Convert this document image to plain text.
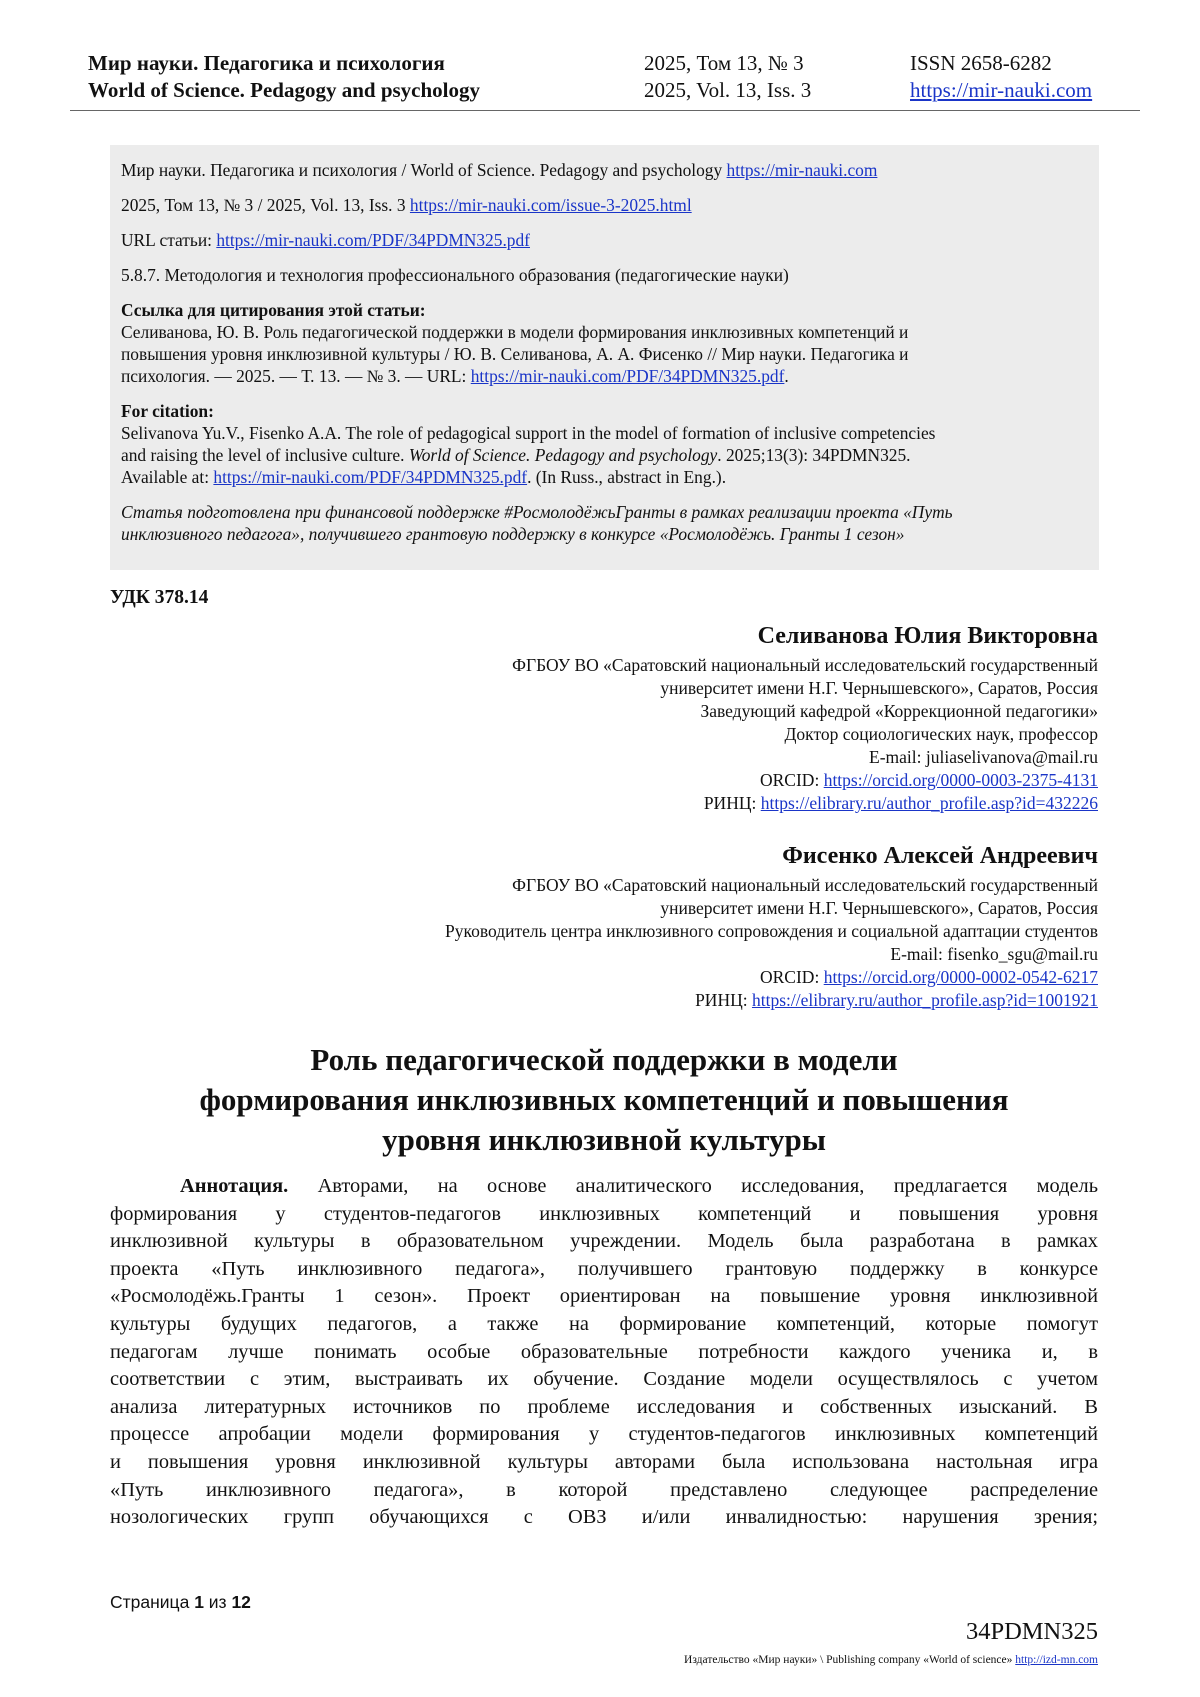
Мир науки. Педагогика и психология	2025, Том 13, № 3	ISSN 2658-6282
World of Science. Pedagogy and psychology	2025, Vol. 13, Iss. 3	https://mir-nauki.com

Мир науки. Педагогика и психология / World of Science. Pedagogy and psychology https://mir-nauki.com

2025, Том 13, № 3 / 2025, Vol. 13, Iss. 3 https://mir-nauki.com/issue-3-2025.html

URL статьи: https://mir-nauki.com/PDF/34PDMN325.pdf

5.8.7. Методология и технология профессионального образования (педагогические науки)

Ссылка для цитирования этой статьи:

Селиванова, Ю. В. Роль педагогической поддержки в модели формирования инклюзивных компетенций и

повышения уровня инклюзивной культуры / Ю. В. Селиванова, А. А. Фисенко // Мир науки. Педагогика и

психология. — 2025. — Т. 13. — № 3. — URL: https://mir-nauki.com/PDF/34PDMN325.pdf.

For citation:

Selivanova Yu.V., Fisenko A.A. The role of pedagogical support in the model of formation of inclusive competencies

and raising the level of inclusive culture. World of Science. Pedagogy and psychology. 2025;13(3): 34PDMN325.

Available at: https://mir-nauki.com/PDF/34PDMN325.pdf. (In Russ., abstract in Eng.).

Статья подготовлена при финансовой поддержке #РосмолодёжьГранты в рамках реализации проекта «Путь

инклюзивного педагога», получившего грантовую поддержку в конкурсе «Росмолодёжь. Гранты 1 сезон»

УДК 378.14
Селиванова Юлия Викторовна
ФГБОУ ВО «Саратовский национальный исследовательский государственный
университет имени Н.Г. Чернышевского», Саратов, Россия
Заведующий кафедрой «Коррекционной педагогики»
Доктор социологических наук, профессор
E-mail: juliaselivanova@mail.ru
ORCID: https://orcid.org/0000-0003-2375-4131
РИНЦ: https://elibrary.ru/author_profile.asp?id=432226
Фисенко Алексей Андреевич
ФГБОУ ВО «Саратовский национальный исследовательский государственный
университет имени Н.Г. Чернышевского», Саратов, Россия
Руководитель центра инклюзивного сопровождения и социальной адаптации студентов
E-mail: fisenko_sgu@mail.ru
ORCID: https://orcid.org/0000-0002-0542-6217
РИНЦ: https://elibrary.ru/author_profile.asp?id=1001921
Роль педагогической поддержки в модели
формирования инклюзивных компетенций и повышения
уровня инклюзивной культуры
Аннотация. Авторами, на основе аналитического исследования, предлагается модель
формирования у студентов-педагогов инклюзивных компетенций и повышения уровня
инклюзивной культуры в образовательном учреждении. Модель была разработана в рамках
проекта «Путь инклюзивного педагога», получившего грантовую поддержку в конкурсе
«Росмолодёжь.Гранты 1 сезон». Проект ориентирован на повышение уровня инклюзивной
культуры будущих педагогов, а также на формирование компетенций, которые помогут
педагогам лучше понимать особые образовательные потребности каждого ученика и, в
соответствии с этим, выстраивать их обучение. Создание модели осуществлялось с учетом
анализа литературных источников по проблеме исследования и собственных изысканий. В
процессе апробации модели формирования у студентов-педагогов инклюзивных компетенций
и повышения уровня инклюзивной культуры авторами была использована настольная игра
«Путь инклюзивного педагога», в которой представлено следующее распределение
нозологических групп обучающихся с ОВЗ и/или инвалидностью: нарушения зрения;
Страница 1 из 12
34PDMN325
Издательство «Мир науки» \ Publishing company «World of science» http://izd-mn.com
